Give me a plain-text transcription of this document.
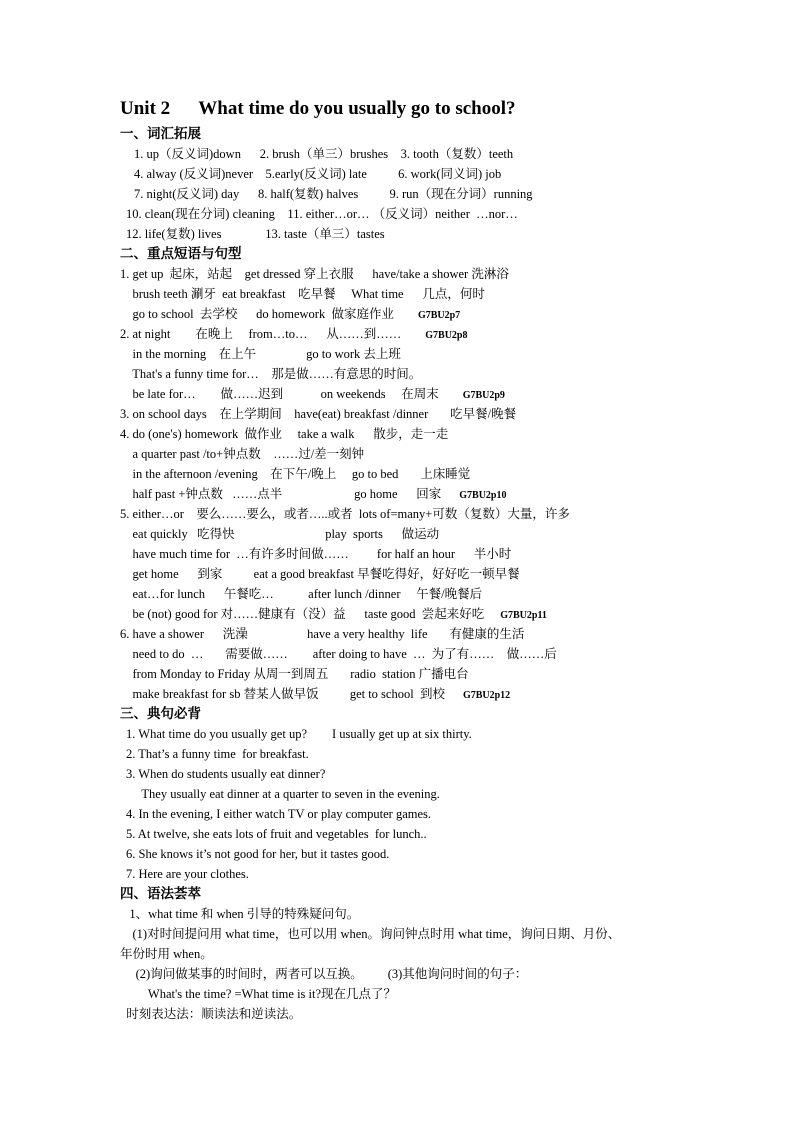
Unit 2      What time do you usually go to school?
一、词汇拓展
1. up（反义词)down      2. brush（单三）brushes    3. tooth（复数）teeth
4. alway (反义词)never    5.early(反义词) late          6. work(同义词) job
7. night(反义词) day      8. half(复数) halves          9. run（现在分词）running
10. clean(现在分词) cleaning    11. either…or… （反义词）neither  …nor…
12. life(复数) lives              13. taste（单三）tastes
二、重点短语与句型
1. get up  起床，站起    get dressed 穿上衣服      have/take a shower 洗淋浴
brush teeth 涮牙  eat breakfast    吃早餐     What time      几点，何时
go to school  去学校      do homework  做家庭作业 G7BU2p7
2. at night        在晚上     from…to…      从……到…… G7BU2p8
in the morning    在上午                go to work 去上班
That's a funny time for…    那是做……有意思的时间。
be late for…        做……迟到            on weekends     在周末 G7BU2p9
3. on school days    在上学期间    have(eat) breakfast /dinner       吃早餐/晚餐
4. do (one's) homework  做作业     take a walk      散步，走一走
a quarter past /to+钟点数    ……过/差一刻钟
in the afternoon /evening    在下午/晚上     go to bed       上床睡觉
half past +钟点数   ……点半                       go home      回家 G7BU2p10
5. either…or    要么……要么，或者…..或者  lots of=many+可数（复数）大量，许多
eat quickly   吃得快                             play  sports      做运动
have much time for  …有许多时间做……         for half an hour      半小时
get home      到家          eat a good breakfast 早餐吃得好，好好吃一顿早餐
eat…for lunch      午餐吃…           after lunch /dinner     午餐/晚餐后
be (not) good for 对……健康有（没）益      taste good  尝起来好吃 G7BU2p11
6. have a shower      洗澡                   have a very healthy  life       有健康的生活
need to do  …       需要做……        after doing to have  …  为了有……    做……后
from Monday to Friday 从周一到周五       radio  station 广播电台
make breakfast for sb 替某人做早饭          get to school  到校 G7BU2p12
三、典句必背
1. What time do you usually get up?        I usually get up at six thirty.
2. That’s a funny time  for breakfast.
3. When do students usually eat dinner?
They usually eat dinner at a quarter to seven in the evening.
4. In the evening, I either watch TV or play computer games.
5. At twelve, she eats lots of fruit and vegetables  for lunch..
6. She knows it’s not good for her, but it tastes good.
7. Here are your clothes.
四、语法荟萃
1、what time 和 when 引导的特殊疑问句。
(1)对时间提问用 what time，也可以用 when。询问钟点时用 what time，询问日期、月份、
年份时用 when。
(2)询问做某事的时间时，两者可以互换。        (3)其他询问时间的句子：
What's the time? =What time is it?现在几点了？
时刻表达法：顺读法和逆读法。
